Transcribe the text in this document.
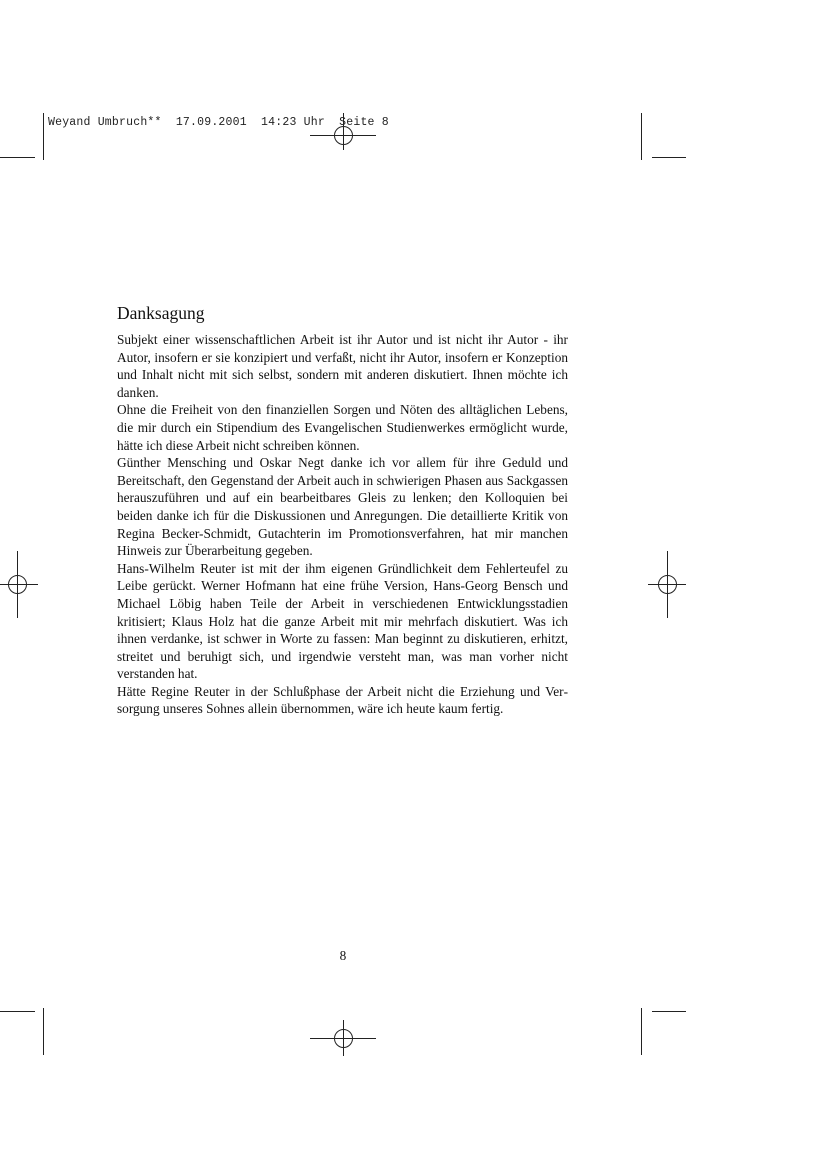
Weyand Umbruch**  17.09.2001  14:23 Uhr  Seite 8
Danksagung

Subjekt einer wissenschaftlichen Arbeit ist ihr Autor und ist nicht ihr Autor - ihr Autor, insofern er sie konzipiert und verfaßt, nicht ihr Autor, insofern er Konzeption und Inhalt nicht mit sich selbst, sondern mit anderen diskutiert. Ihnen möchte ich danken.

Ohne die Freiheit von den finanziellen Sorgen und Nöten des alltäglichen Lebens, die mir durch ein Stipendium des Evangelischen Studienwerkes ermöglicht wurde, hätte ich diese Arbeit nicht schreiben können.

Günther Mensching und Oskar Negt danke ich vor allem für ihre Geduld und Bereitschaft, den Gegenstand der Arbeit auch in schwierigen Phasen aus Sackgassen herauszuführen und auf ein bearbeitbares Gleis zu lenken; den Kolloquien bei beiden danke ich für die Diskussionen und Anregungen. Die detaillierte Kritik von Regina Becker-Schmidt, Gutachterin im Promotionsverfahren, hat mir manchen Hinweis zur Überarbeitung gegeben.

Hans-Wilhelm Reuter ist mit der ihm eigenen Gründlichkeit dem Fehlerteufel zu Leibe gerückt. Werner Hofmann hat eine frühe Version, Hans-Georg Bensch und Michael Löbig haben Teile der Arbeit in verschiedenen Entwicklungsstadien kritisiert; Klaus Holz hat die ganze Arbeit mit mir mehrfach diskutiert. Was ich ihnen verdanke, ist schwer in Worte zu fassen: Man beginnt zu diskutieren, erhitzt, streitet und beruhigt sich, und irgendwie versteht man, was man vorher nicht verstanden hat.

Hätte Regine Reuter in der Schlußphase der Arbeit nicht die Erziehung und Versorgung unseres Sohnes allein übernommen, wäre ich heute kaum fertig.

8
